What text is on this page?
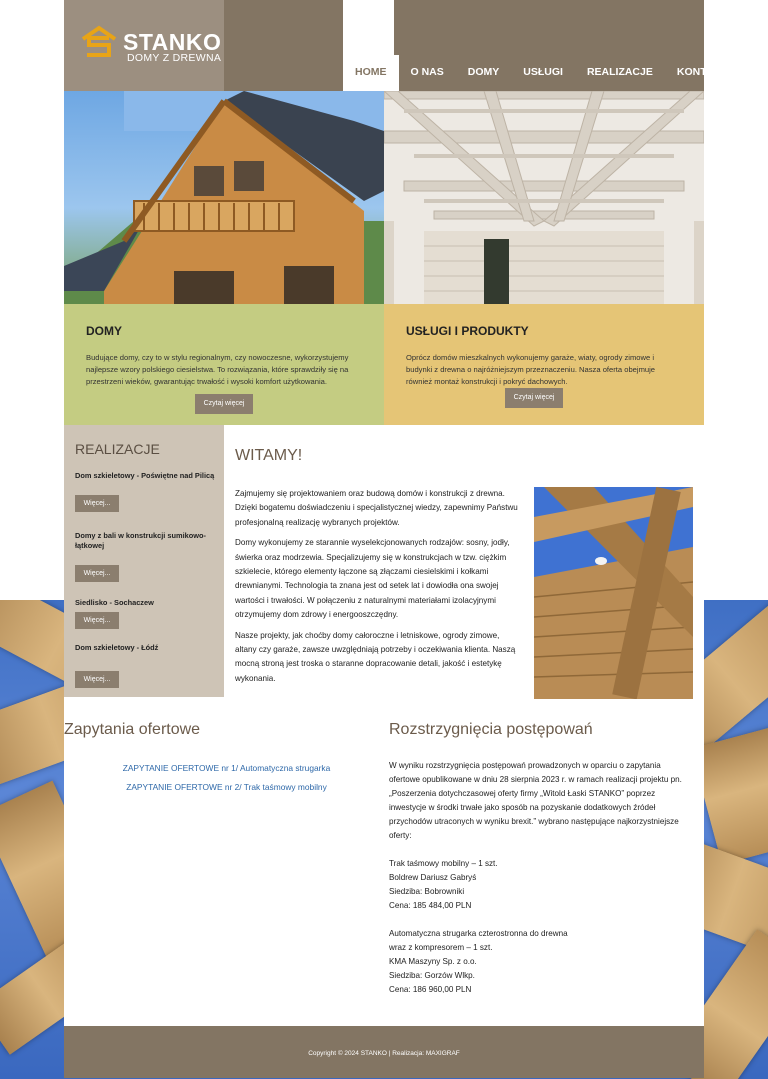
STANKO
DOMY Z DREWNA
HOME	O NAS	DOMY	USŁUGI	REALIZACJE	KONTAKT
DOMY

Budujące domy, czy to w stylu regionalnym, czy nowoczesne, wykorzystujemy najlepsze wzory polskiego ciesielstwa. To rozwiązania, które sprawdziły się na przestrzeni wieków, gwarantując trwałość i wysoki komfort użytkowania.

Czytaj więcej
USŁUGI I PRODUKTY

Oprócz domów mieszkalnych wykonujemy garaże, wiaty, ogrody zimowe i budynki z drewna o najróżniejszym przeznaczeniu. Nasza oferta obejmuje również montaż konstrukcji i pokryć dachowych.

Czytaj więcej
REALIZACJE
Dom szkieletowy - Poświętne nad Pilicą
Więcej...
Domy z bali w konstrukcji sumikowo-łątkowej
Więcej...
Siedlisko - Sochaczew
Więcej...
Dom szkieletowy - Łódź
Więcej...
WITAMY!

Zajmujemy się projektowaniem oraz budową domów i konstrukcji z drewna. Dzięki bogatemu doświadczeniu i specjalistycznej wiedzy, zapewnimy Państwu profesjonalną realizację wybranych projektów.

Domy wykonujemy ze starannie wyselekcjonowanych rodzajów: sosny, jodły, świerka oraz modrzewia. Specjalizujemy się w konstrukcjach w tzw. ciężkim szkielecie, którego elementy łączone są złączami ciesielskimi i kołkami drewnianymi. Technologia ta znana jest od setek lat i dowiodła ona swojej wartości i trwałości. W połączeniu z naturalnymi materiałami izolacyjnymi otrzymujemy dom zdrowy i energooszczędny.

Nasze projekty, jak choćby domy całoroczne i letniskowe, ogrody zimowe, altany czy garaże, zawsze uwzględniają potrzeby i oczekiwania klienta. Naszą mocną stroną jest troska o staranne dopracowanie detali, jakość i estetykę wykonania.

Zapytania ofertowe
ZAPYTANIE OFERTOWE nr 1/ Automatyczna strugarka
ZAPYTANIE OFERTOWE nr 2/ Trak taśmowy mobilny
Rozstrzygnięcia postępowań
W wyniku rozstrzygnięcia postępowań prowadzonych w oparciu o zapytania ofertowe opublikowane w dniu 28 sierpnia 2023 r. w ramach realizacji projektu pn. „Poszerzenia dotychczasowej oferty firmy „Witold Łaski STANKO” poprzez inwestycje w środki trwałe jako sposób na pozyskanie dodatkowych źródeł przychodów utraconych w wyniku brexit.” wybrano następujące najkorzystniejsze oferty:
Trak taśmowy mobilny – 1 szt.
Boldrew Dariusz Gabryś
Siedziba: Bobrowniki
Cena: 185 484,00 PLN
Automatyczna strugarka czterostronna do drewna
wraz z kompresorem – 1 szt.
KMA Maszyny Sp. z o.o.
Siedziba: Gorzów Wlkp.
Cena: 186 960,00 PLN
Copyright © 2024 STANKO | Realizacja: MAXIGRAF
